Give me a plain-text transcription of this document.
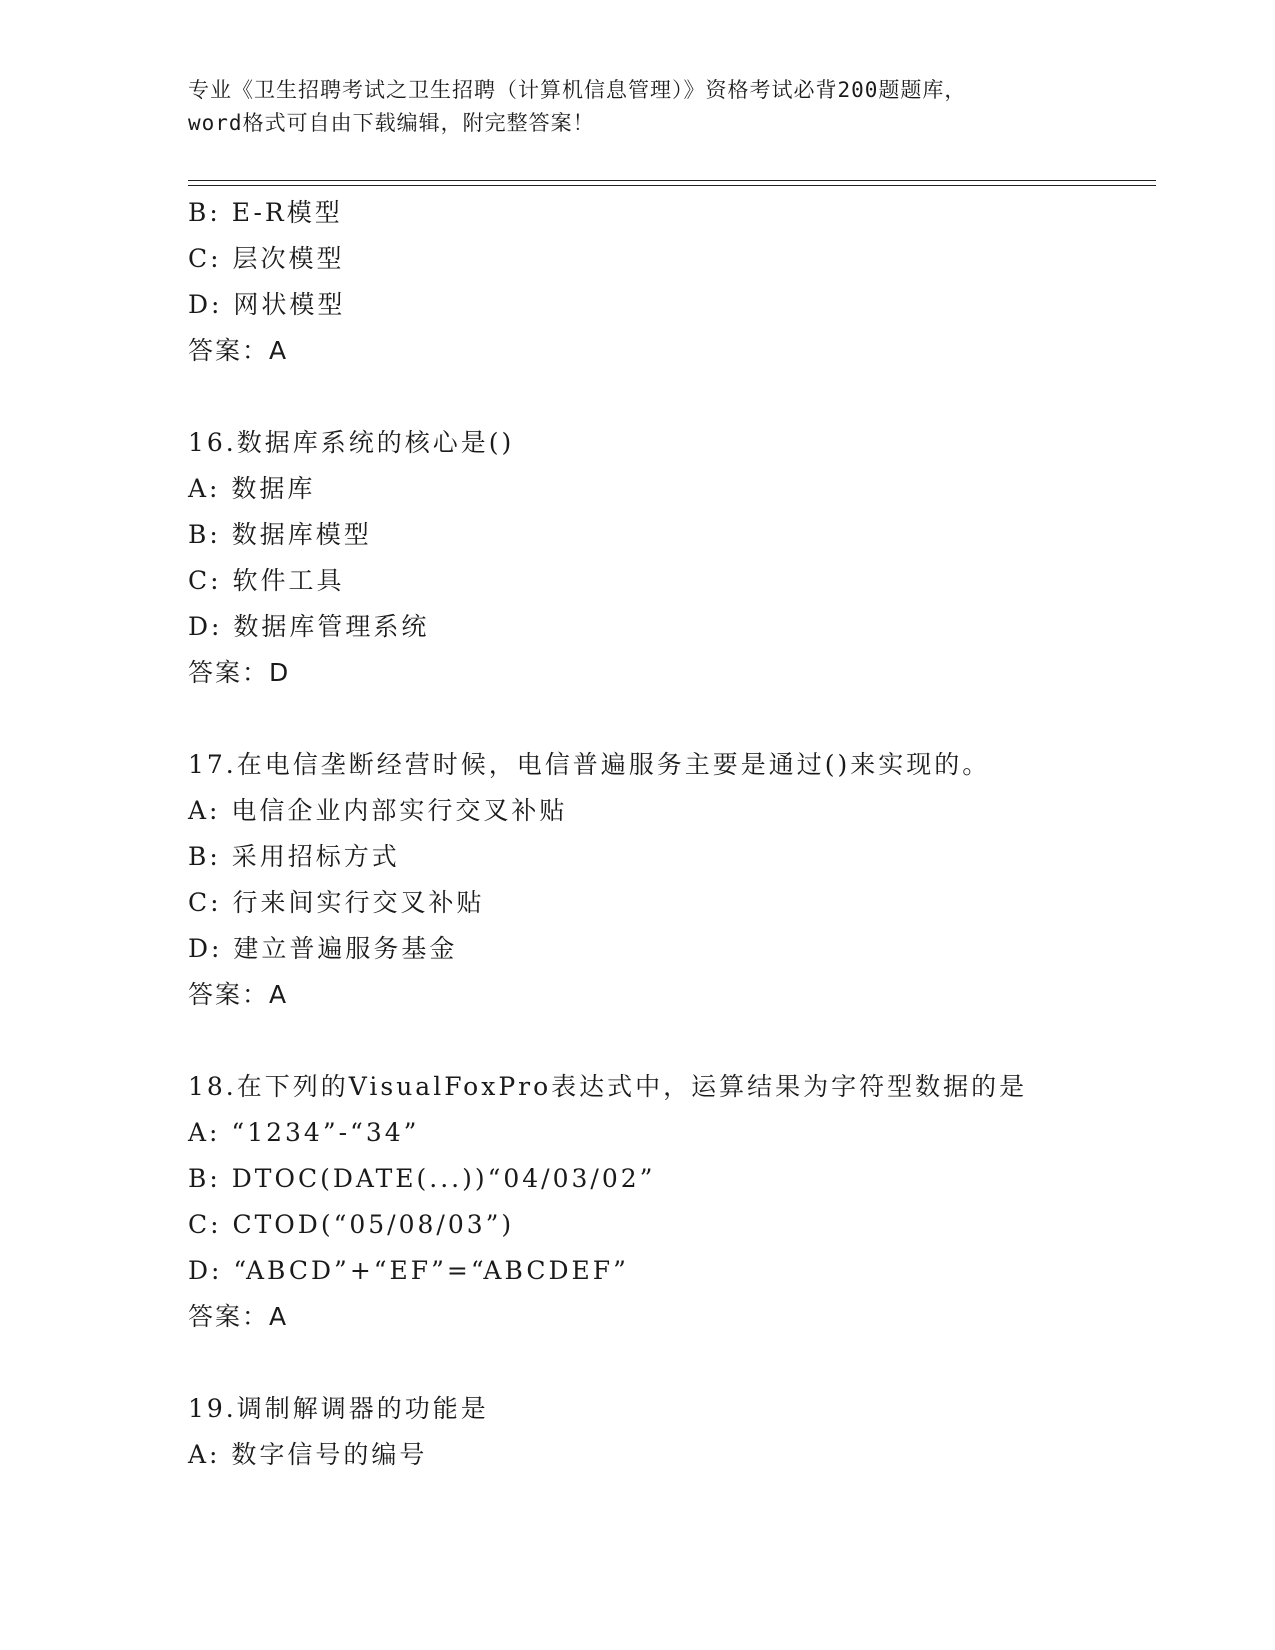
专业《卫生招聘考试之卫生招聘（计算机信息管理）》资格考试必背200题题库，
word格式可自由下载编辑，附完整答案！
B: E-R模型
C: 层次模型
D: 网状模型
答案：A
16.数据库系统的核心是()
A: 数据库
B: 数据库模型
C: 软件工具
D: 数据库管理系统
答案：D
17.在电信垄断经营时候，电信普遍服务主要是通过()来实现的。
A: 电信企业内部实行交叉补贴
B: 采用招标方式
C: 行来间实行交叉补贴
D: 建立普遍服务基金
答案：A
18.在下列的VisualFoxPro表达式中，运算结果为字符型数据的是
A: “1234”-“34”
B: DTOC(DATE(...))“04/03/02”
C: CTOD(“05/08/03”)
D: “ABCD”+“EF”=“ABCDEF”
答案：A
19.调制解调器的功能是
A: 数字信号的编号
